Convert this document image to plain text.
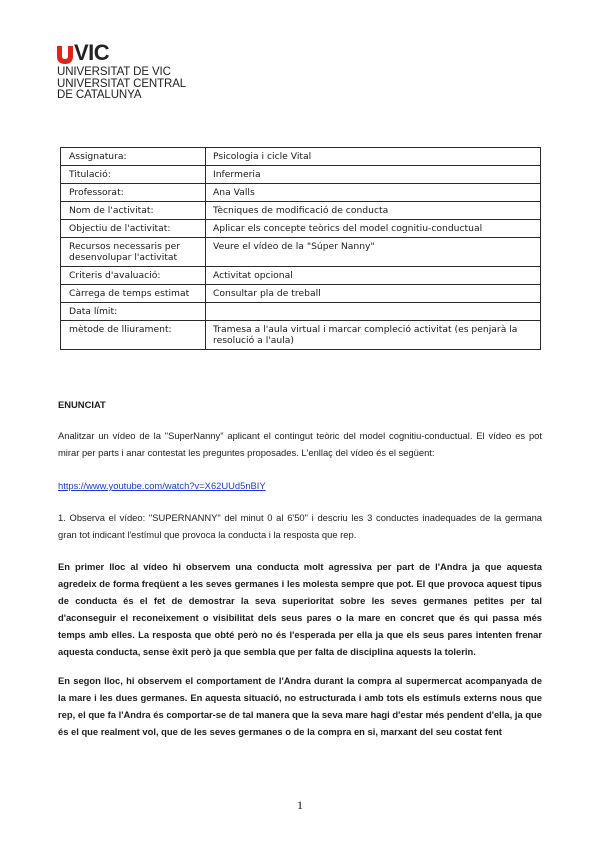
VIC
UNIVERSITAT DE VIC
UNIVERSITAT CENTRAL
DE CATALUNYA
Assignatura:	Psicologia i cicle Vital
Titulació:	Infermeria
Professorat:	Ana Valls
Nom de l'activitat:	Tècniques de modificació de conducta
Objectiu de l'activitat:	Aplicar els concepte teòrics del model cognitiu-conductual
Recursos necessaris per desenvolupar l'activitat	Veure el vídeo de la "Súper Nanny"
Criteris d'avaluació:	Activitat opcional
Càrrega de temps estimat	Consultar pla de treball
Data límit:	
mètode de lliurament:	Tramesa a l'aula virtual i marcar compleció activitat (es penjarà la resolució a l'aula)

ENUNCIAT

Analitzar un vídeo de la "SuperNanny" aplicant el contingut teòric del model cognitiu-conductual. El vídeo es pot mirar per parts i anar contestat les preguntes proposades. L'enllaç del vídeo és el següent:

https://www.youtube.com/watch?v=X62UUd5nBIY

1. Observa el vídeo: "SUPERNANNY" del minut 0 al 6'50" i descriu les 3 conductes inadequades de la germana gran tot indicant l'estímul que provoca la conducta i la resposta que rep.

En primer lloc al vídeo hi observem una conducta molt agressiva per part de l'Andra ja que aquesta agredeix de forma freqüent a les seves germanes i les molesta sempre que pot. El que provoca aquest tipus de conducta és el fet de demostrar la seva superioritat sobre les seves germanes petites per tal d'aconseguir el reconeixement o visibilitat dels seus pares o la mare en concret que és qui passa més temps amb elles. La resposta que obté però no és l'esperada per ella ja que els seus pares intenten frenar aquesta conducta, sense èxit però ja que sembla que per falta de disciplina aquests la tolerin.

En segon lloc, hi observem el comportament de l'Andra durant la compra al supermercat acompanyada de la mare i les dues germanes. En aquesta situació, no estructurada i amb tots els estímuls externs nous que rep, el que fa l'Andra és comportar-se de tal manera que la seva mare hagi d'estar més pendent d'ella, ja que és el que realment vol, que de les seves germanes o de la compra en si, marxant del seu costat fent

1
